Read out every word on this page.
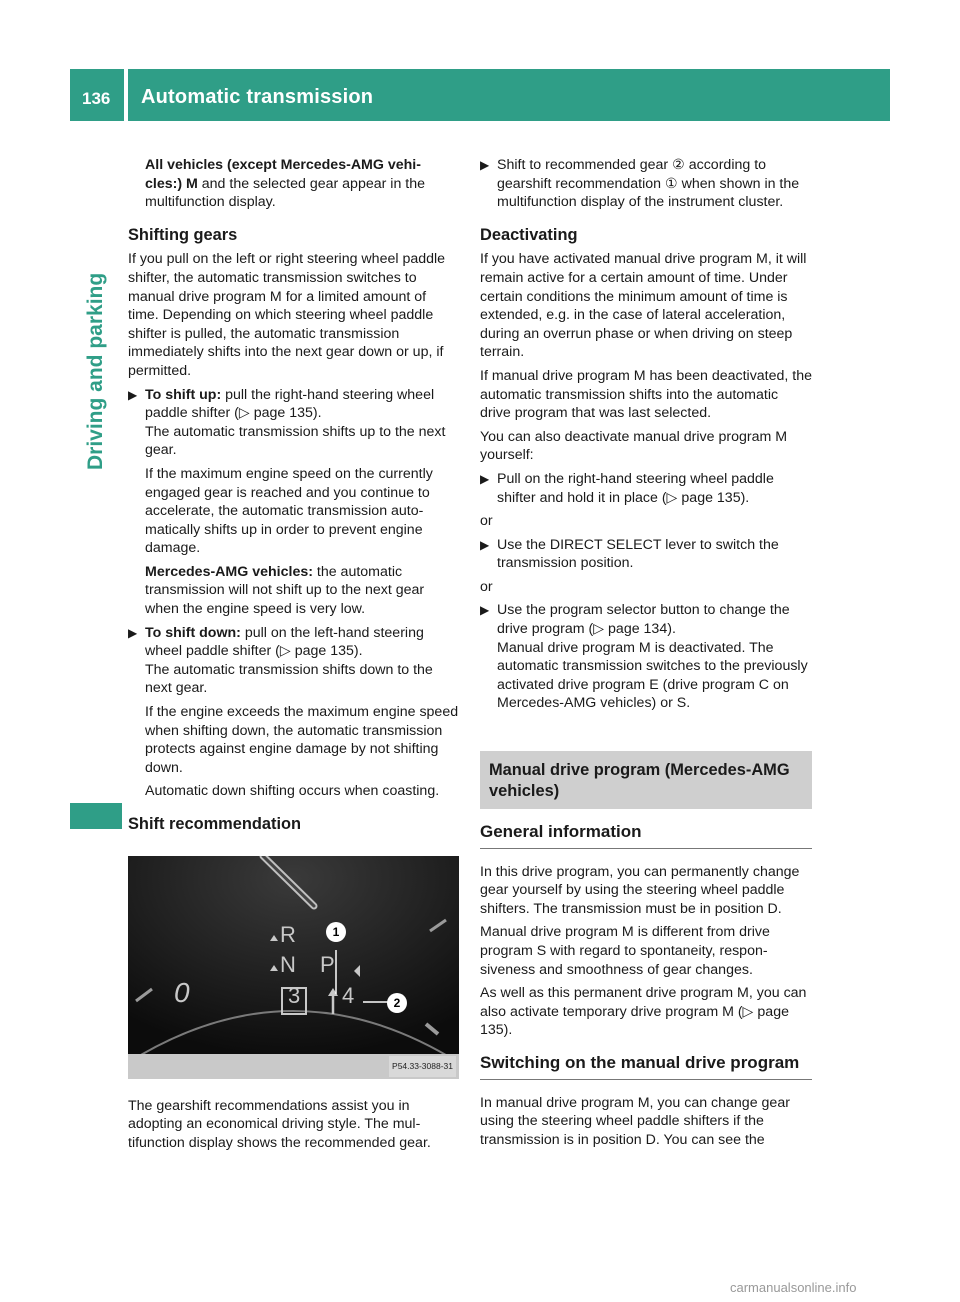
136 Automatic transmission
Driving and parking

All vehicles (except Mercedes-AMG vehi-
cles:) M and the selected gear appear in the
multifunction display.

Shifting gears

If you pull on the left or right steering wheel paddle shifter, the automatic transmission switches to manual drive program M for a limited amount of time. Depending on which steering wheel paddle shifter is pulled, the automatic transmission immediately shifts into the next gear down or up, if permitted.

▶ To shift up: pull the right-hand steering wheel paddle shifter (▷ page 135).
The automatic transmission shifts up to the next gear.

If the maximum engine speed on the currently engaged gear is reached and you continue to accelerate, the automatic transmission automatically shifts up in order to prevent engine damage.

Mercedes-AMG vehicles: the automatic transmission will not shift up to the next gear when the engine speed is very low.

▶ To shift down: pull on the left-hand steering wheel paddle shifter (▷ page 135).
The automatic transmission shifts down to the next gear.

If the engine exceeds the maximum engine speed when shifting down, the automatic transmission protects against engine damage by not shifting down.

Automatic down shifting occurs when coasting.

Shift recommendation
R
N P
3 4
0
1
2
P54.33-3088-31

The gearshift recommendations assist you in adopting an economical driving style. The multifunction display shows the recommended gear.

▶ Shift to recommended gear ② according to gearshift recommendation ① when shown in the multifunction display of the instrument cluster.
Deactivating

If you have activated manual drive program M, it will remain active for a certain amount of time. Under certain conditions the minimum amount of time is extended, e.g. in the case of lateral acceleration, during an overrun phase or when driving on steep terrain.

If manual drive program M has been deactivated, the automatic transmission shifts into the automatic drive program that was last selected.

You can also deactivate manual drive program M yourself:

▶ Pull on the right-hand steering wheel paddle shifter and hold it in place (▷ page 135).

or

▶ Use the DIRECT SELECT lever to switch the transmission position.

or

▶ Use the program selector button to change the drive program (▷ page 134).
Manual drive program M is deactivated. The automatic transmission switches to the previously activated drive program E (drive program C on Mercedes-AMG vehicles) or S.
Manual drive program (Mercedes-AMG vehicles)
General information

In this drive program, you can permanently change gear yourself by using the steering wheel paddle shifters. The transmission must be in position D.

Manual drive program M is different from drive program S with regard to spontaneity, responsiveness and smoothness of gear changes.

As well as this permanent drive program M, you can also activate temporary drive program M (▷ page 135).

Switching on the manual drive program

In manual drive program M, you can change gear using the steering wheel paddle shifters if the transmission is in position D. You can see the

carmanualsonline.info
